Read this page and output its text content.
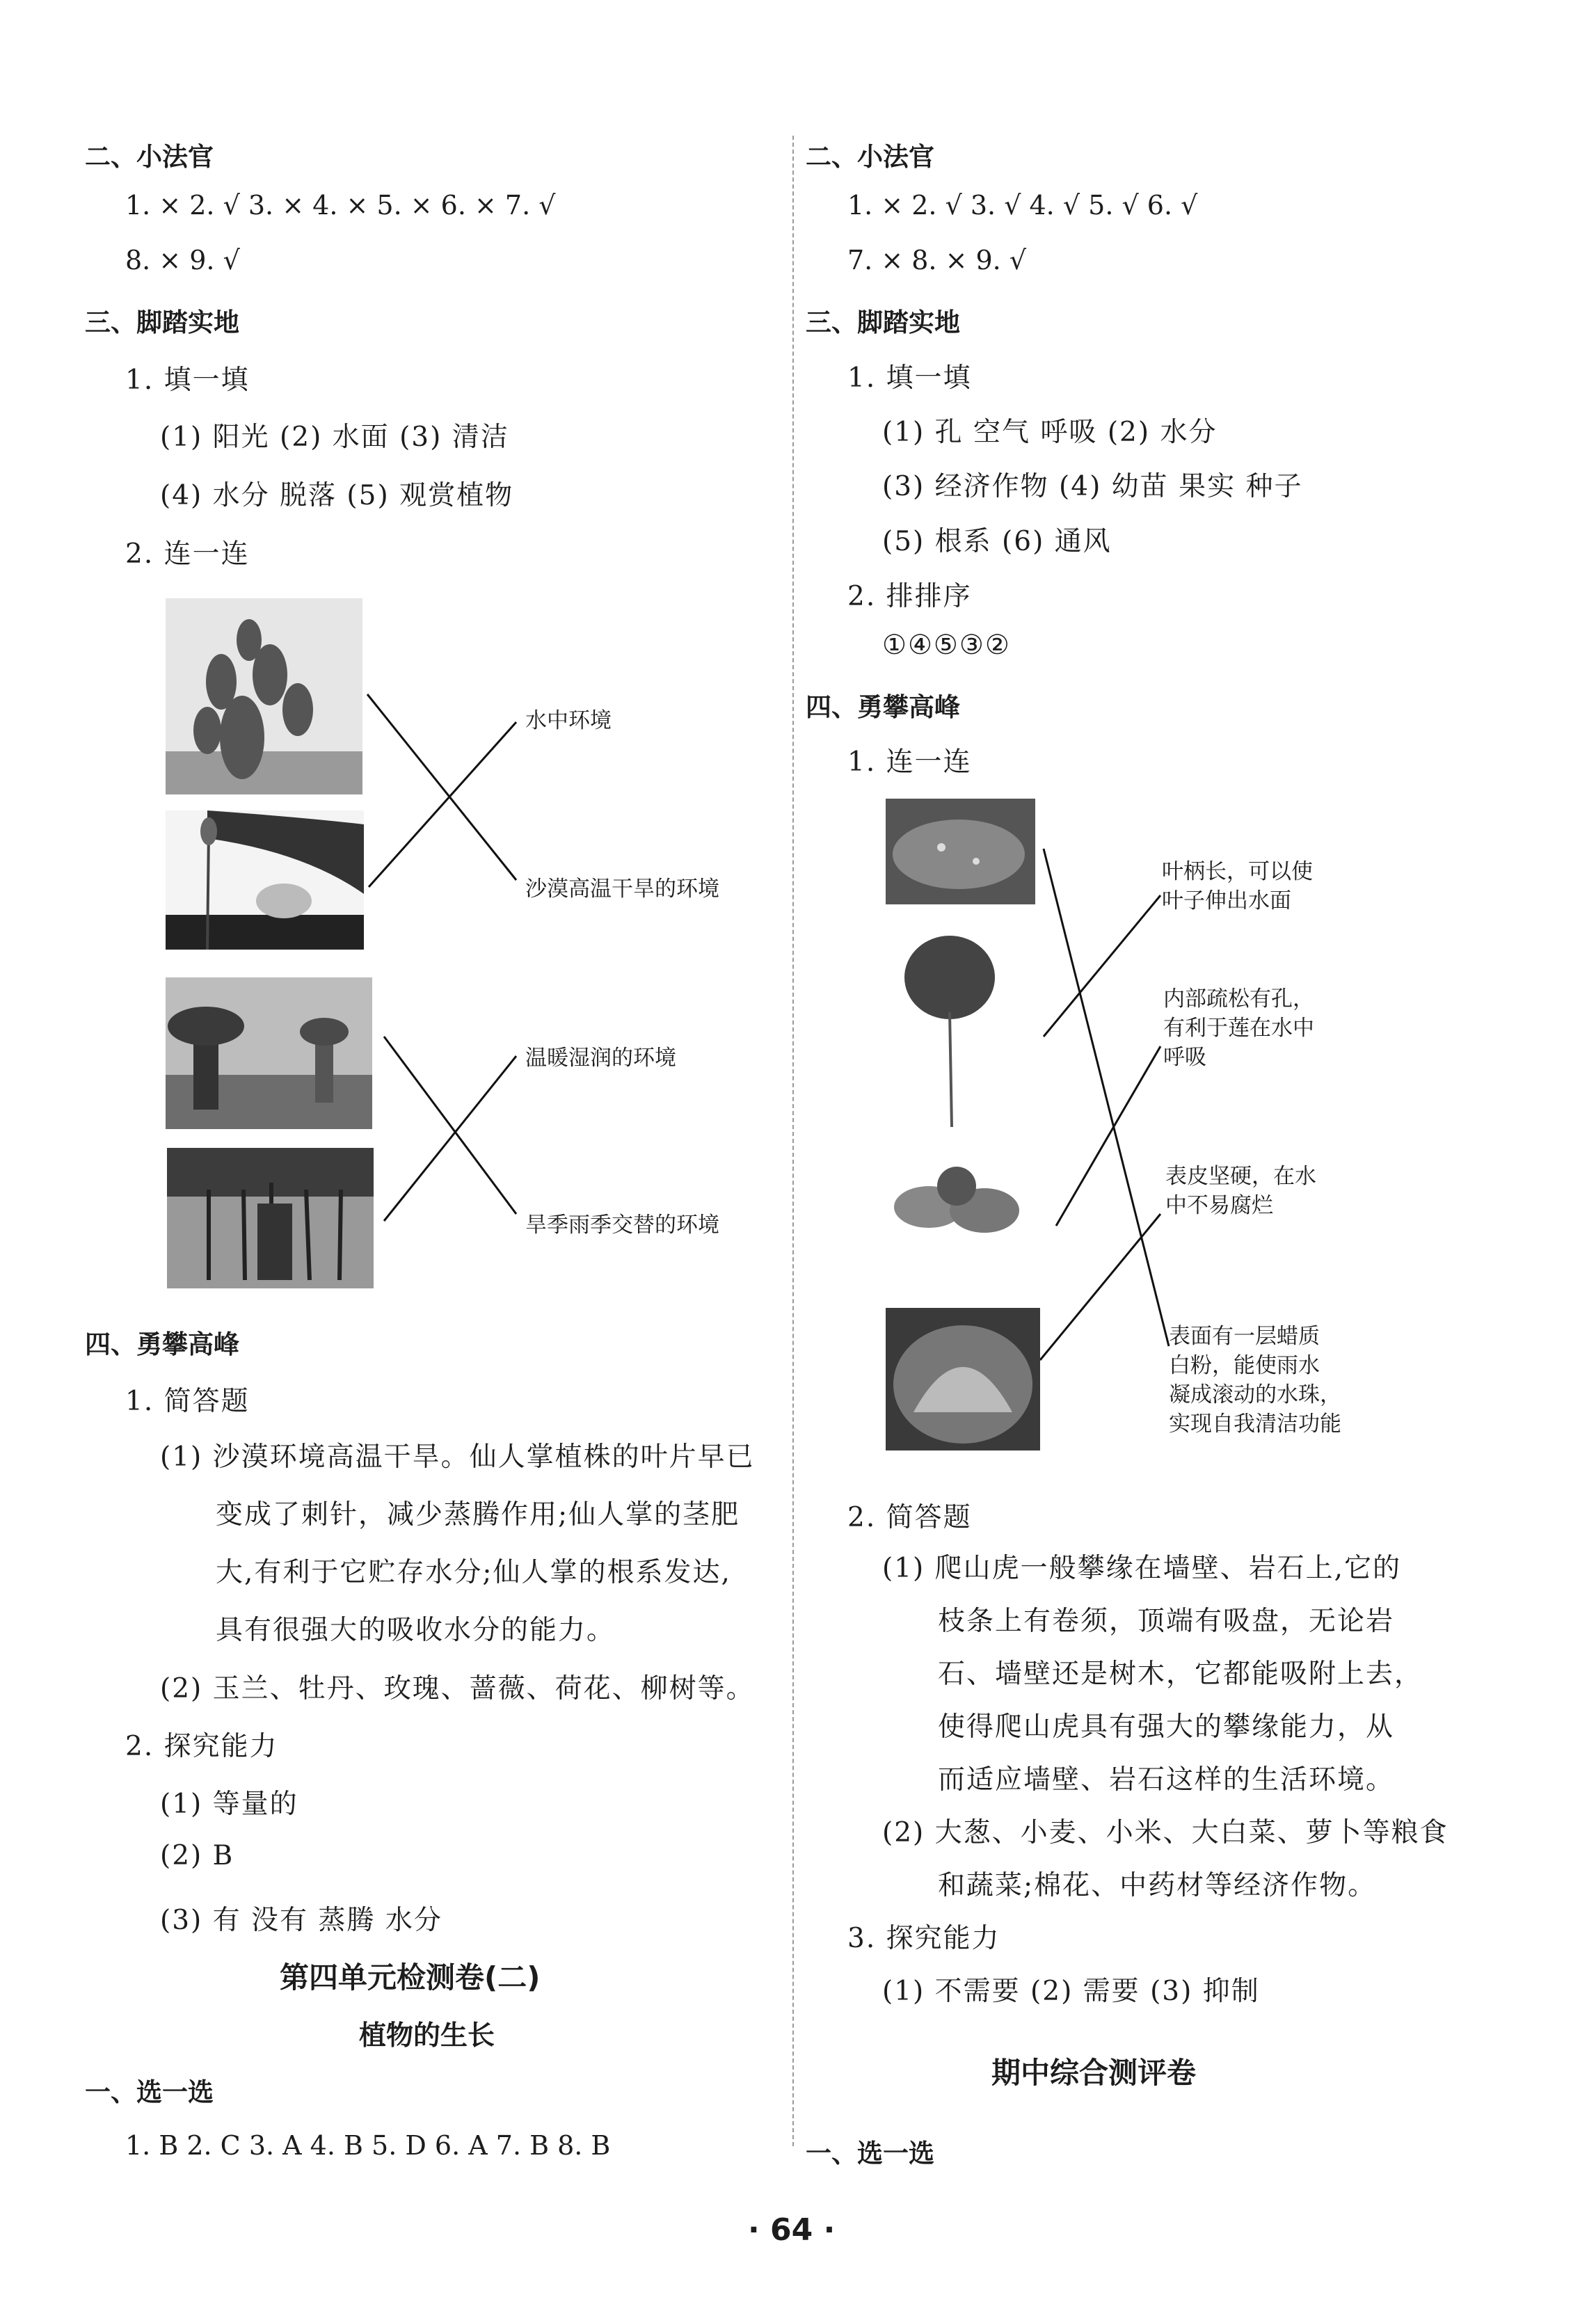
二、小法官
1. × 2. √ 3. × 4. × 5. × 6. × 7. √
8. × 9. √
三、脚踏实地
1. 填一填
(1) 阳光 (2) 水面 (3) 清洁
(4) 水分 脱落 (5) 观赏植物
2. 连一连
水中环境
沙漠高温干旱的环境
温暖湿润的环境
旱季雨季交替的环境
四、勇攀高峰
1. 简答题
(1) 沙漠环境高温干旱。仙人掌植株的叶片早已
变成了刺针，减少蒸腾作用;仙人掌的茎肥
大,有利于它贮存水分;仙人掌的根系发达,
具有很强大的吸收水分的能力。
(2) 玉兰、牡丹、玫瑰、蔷薇、荷花、柳树等。
2. 探究能力
(1) 等量的
(2) B
(3) 有 没有 蒸腾 水分
第四单元检测卷(二)
植物的生长
一、选一选
1. B 2. C 3. A 4. B 5. D 6. A 7. B 8. B
二、小法官
1. × 2. √ 3. √ 4. √ 5. √ 6. √
7. × 8. × 9. √
三、脚踏实地
1. 填一填
(1) 孔 空气 呼吸 (2) 水分
(3) 经济作物 (4) 幼苗 果实 种子
(5) 根系 (6) 通风
2. 排排序
①④⑤③②
四、勇攀高峰
1. 连一连
叶柄长，可以使
叶子伸出水面
内部疏松有孔，
有利于莲在水中
呼吸
表皮坚硬，在水
中不易腐烂
表面有一层蜡质
白粉，能使雨水
凝成滚动的水珠，
实现自我清洁功能
2. 简答题
(1) 爬山虎一般攀缘在墙壁、岩石上,它的
枝条上有卷须，顶端有吸盘，无论岩
石、墙壁还是树木，它都能吸附上去，
使得爬山虎具有强大的攀缘能力，从
而适应墙壁、岩石这样的生活环境。
(2) 大葱、小麦、小米、大白菜、萝卜等粮食
和蔬菜;棉花、中药材等经济作物。
3. 探究能力
(1) 不需要 (2) 需要 (3) 抑制
期中综合测评卷
一、选一选
· 64 ·
